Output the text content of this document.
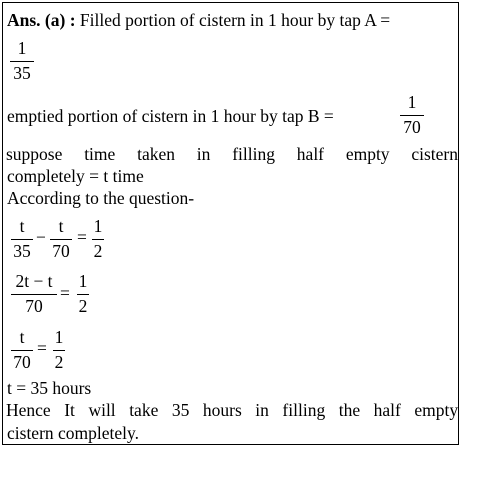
Ans. (a) : Filled portion of cistern in 1 hour by tap A =
1
35
emptied portion of cistern in 1 hour by tap B =
1
70
suppose time taken in filling half empty cistern
completely = t time
According to the question-
t
35
−
t
70
=
1
2
2t − t
70
=
1
2
t
70
=
1
2
t = 35 hours
Hence It will take 35 hours in filling the half empty
cistern completely.
